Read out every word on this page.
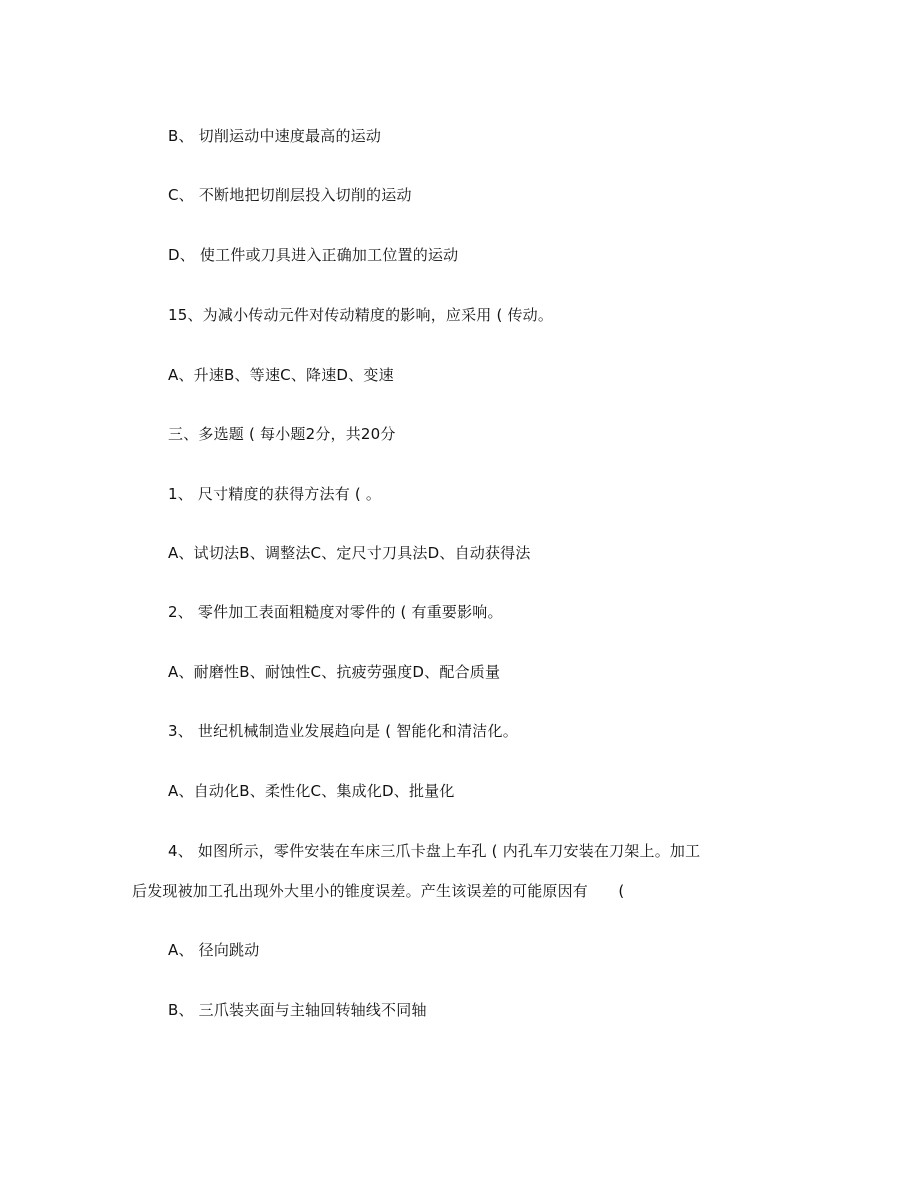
B、 切削运动中速度最高的运动
C、 不断地把切削层投入切削的运动
D、 使工件或刀具进入正确加工位置的运动
15、为减小传动元件对传动精度的影响，应采用 ( 传动。
A、升速B、等速C、降速D、变速
三、多选题 ( 每小题2分，共20分
1、 尺寸精度的获得方法有 ( 。
A、试切法B、调整法C、定尺寸刀具法D、自动获得法
2、 零件加工表面粗糙度对零件的 ( 有重要影响。
A、耐磨性B、耐蚀性C、抗疲劳强度D、配合质量
3、 世纪机械制造业发展趋向是 ( 智能化和清洁化。
A、自动化B、柔性化C、集成化D、批量化
4、 如图所示，零件安装在车床三爪卡盘上车孔 ( 内孔车刀安装在刀架上。加工
后发现被加工孔出现外大里小的锥度误差。产生该误差的可能原因有　　(
A、 径向跳动
B、 三爪装夹面与主轴回转轴线不同轴
